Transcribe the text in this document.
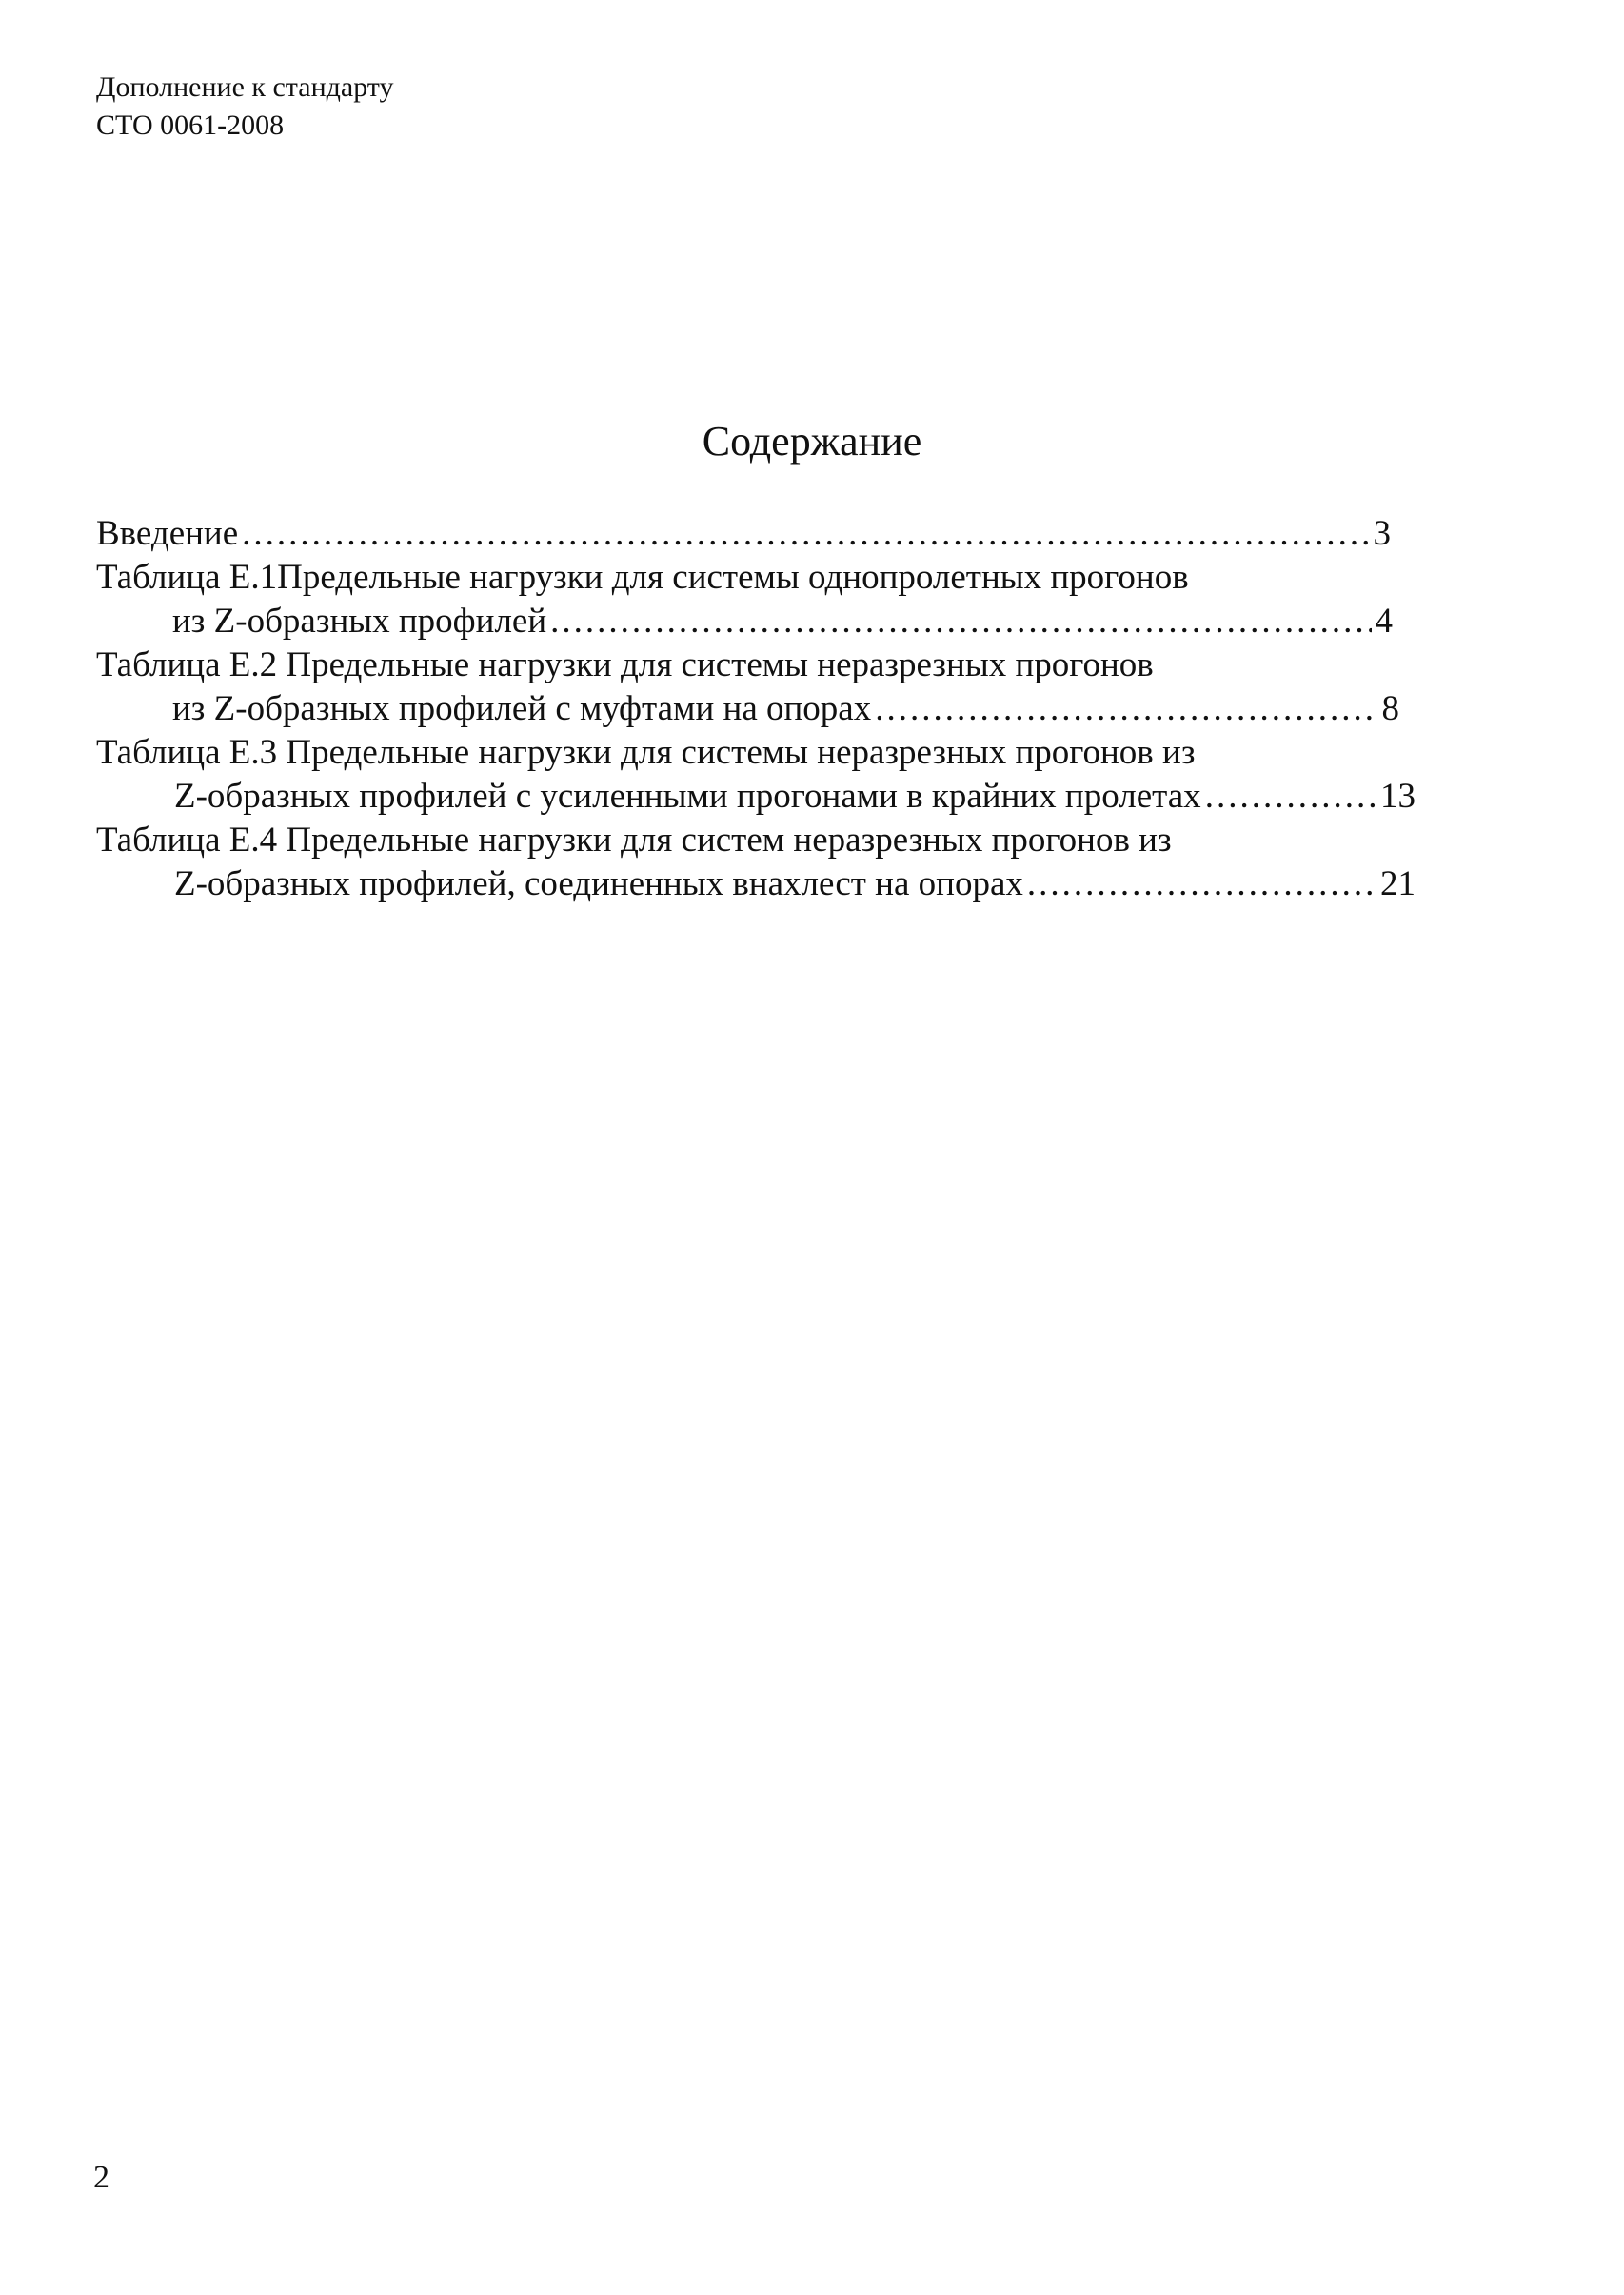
Дополнение к стандарту
СТО 0061-2008
Содержание
Введение .....	3
Таблица Е.1Предельные нагрузки для системы однопролетных прогонов
из Z-образных профилей .....	4
Таблица Е.2 Предельные нагрузки для системы неразрезных прогонов
из Z-образных профилей с муфтами на опорах .....	8
Таблица Е.3 Предельные нагрузки для системы неразрезных прогонов из
Z-образных профилей с усиленными прогонами в крайних пролетах .....	13
Таблица Е.4 Предельные нагрузки для систем неразрезных прогонов из
Z-образных профилей, соединенных внахлест на опорах .....	21
2
